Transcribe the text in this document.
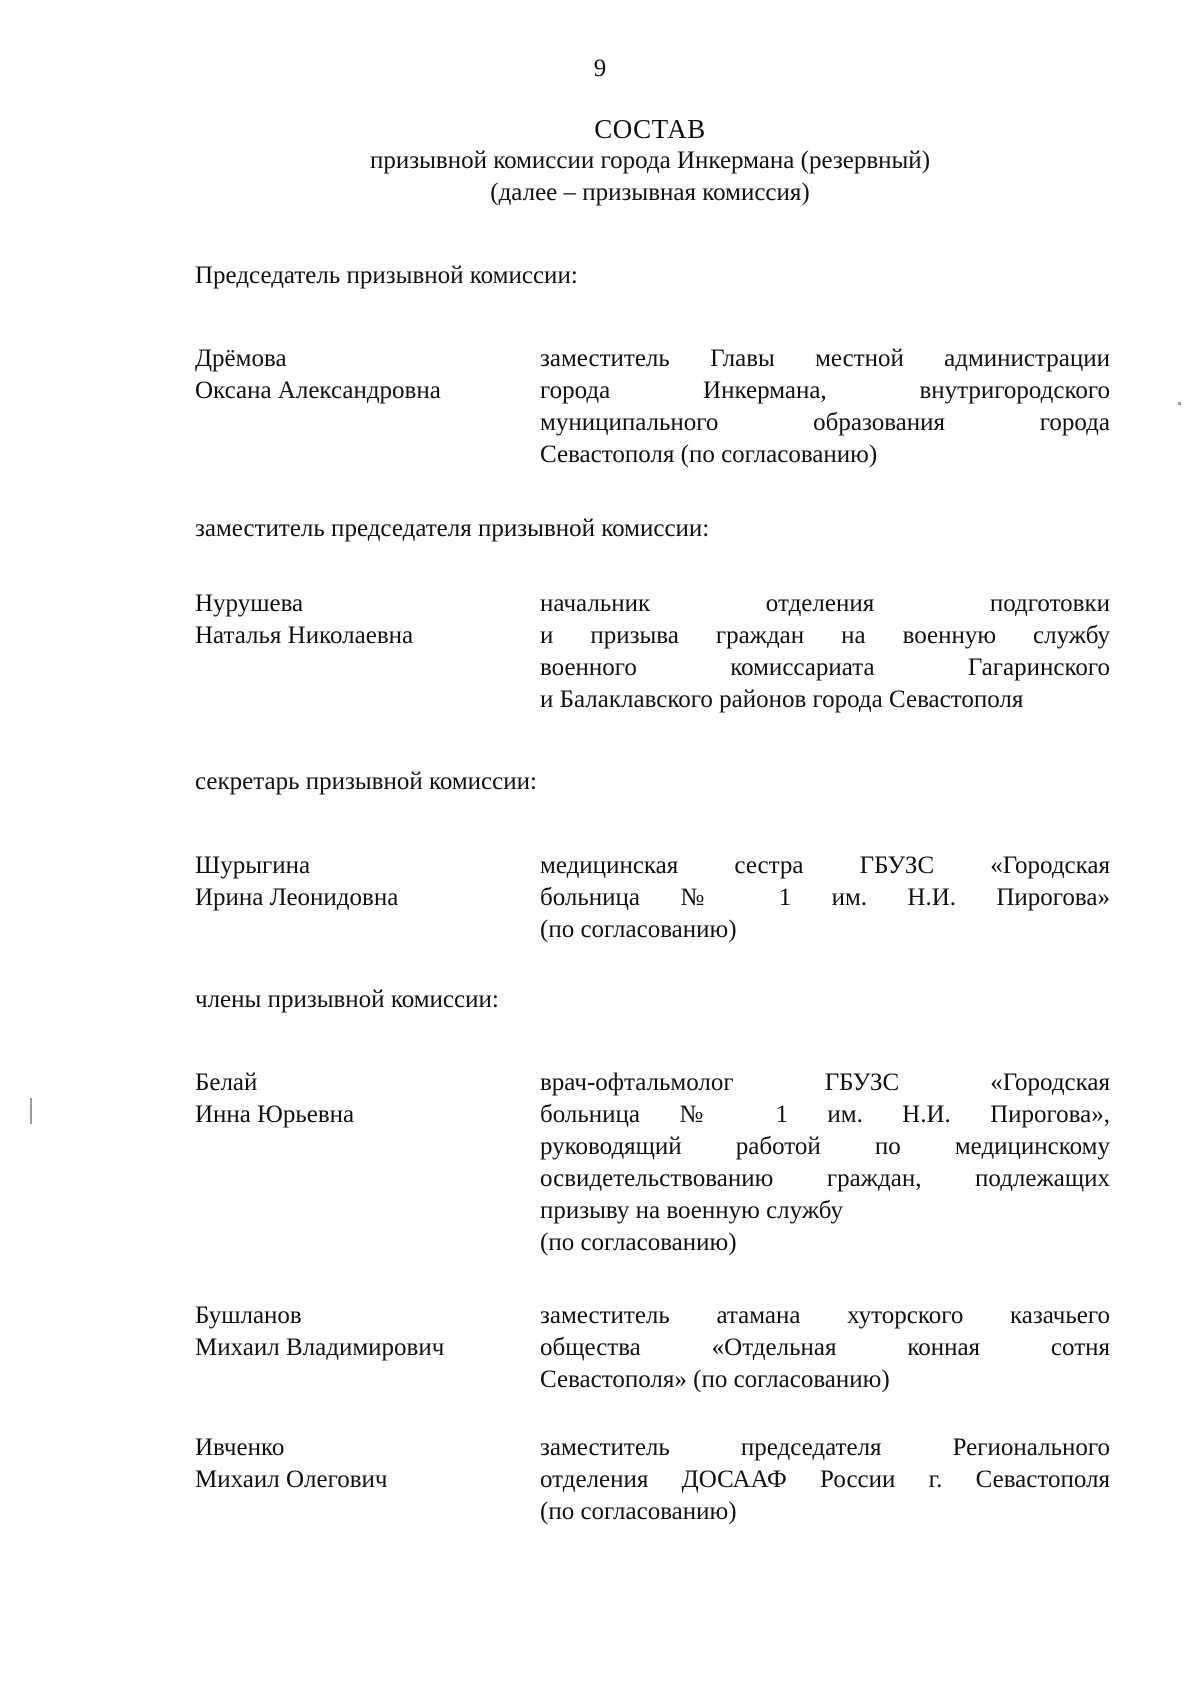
9
СОСТАВ
призывной комиссии города Инкермана (резервный)
(далее – призывная комиссия)
Председатель призывной комиссии:
Дрёмова
Оксана Александровна
заместитель Главы местной администрации
города Инкермана, внутригородского
муниципального образования города
Севастополя (по согласованию)
заместитель председателя призывной комиссии:
Нурушева
Наталья Николаевна
начальник отделения подготовки
и призыва граждан на военную службу
военного комиссариата Гагаринского
и Балаклавского районов города Севастополя
секретарь призывной комиссии:
Шурыгина
Ирина Леонидовна
медицинская сестра ГБУЗС «Городская
больница № 1 им. Н.И. Пирогова»
(по согласованию)
члены призывной комиссии:
Белай
Инна Юрьевна
врач-офтальмолог ГБУЗС «Городская
больница № 1 им. Н.И. Пирогова»,
руководящий работой по медицинскому
освидетельствованию граждан, подлежащих
призыву на военную службу
(по согласованию)
Бушланов
Михаил Владимирович
заместитель атамана хуторского казачьего
общества «Отдельная конная сотня
Севастополя» (по согласованию)
Ивченко
Михаил Олегович
заместитель председателя Регионального
отделения ДОСААФ России г. Севастополя
(по согласованию)
